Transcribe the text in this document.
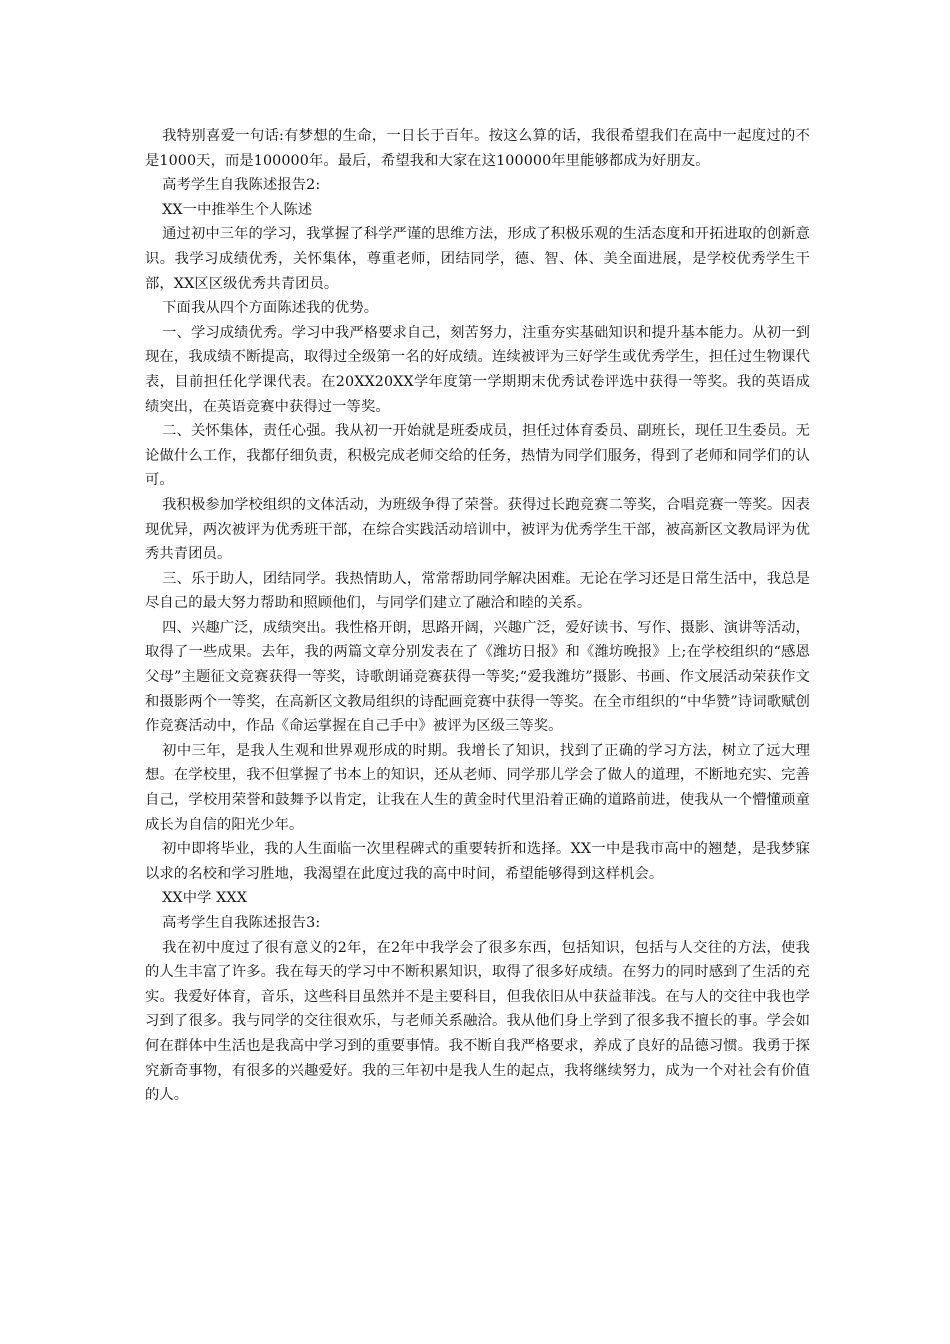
我特别喜爱一句话:有梦想的生命，一日长于百年。按这么算的话，我很希望我们在高中一起度过的不是1000天，而是100000年。最后，希望我和大家在这100000年里能够都成为好朋友。

高考学生自我陈述报告2:

XX一中推举生个人陈述

通过初中三年的学习，我掌握了科学严谨的思维方法，形成了积极乐观的生活态度和开拓进取的创新意识。我学习成绩优秀，关怀集体，尊重老师，团结同学，德、智、体、美全面进展，是学校优秀学生干部，XX区区级优秀共青团员。

下面我从四个方面陈述我的优势。

一、学习成绩优秀。学习中我严格要求自己，刻苦努力，注重夯实基础知识和提升基本能力。从初一到现在，我成绩不断提高，取得过全级第一名的好成绩。连续被评为三好学生或优秀学生，担任过生物课代表，目前担任化学课代表。在20XX20XX学年度第一学期期末优秀试卷评选中获得一等奖。我的英语成绩突出，在英语竞赛中获得过一等奖。

二、关怀集体，责任心强。我从初一开始就是班委成员，担任过体育委员、副班长，现任卫生委员。无论做什么工作，我都仔细负责，积极完成老师交给的任务，热情为同学们服务，得到了老师和同学们的认可。

我积极参加学校组织的文体活动，为班级争得了荣誉。获得过长跑竞赛二等奖，合唱竞赛一等奖。因表现优异，两次被评为优秀班干部，在综合实践活动培训中，被评为优秀学生干部，被高新区文教局评为优秀共青团员。

三、乐于助人，团结同学。我热情助人，常常帮助同学解决困难。无论在学习还是日常生活中，我总是尽自己的最大努力帮助和照顾他们，与同学们建立了融洽和睦的关系。

四、兴趣广泛，成绩突出。我性格开朗，思路开阔，兴趣广泛，爱好读书、写作、摄影、演讲等活动，取得了一些成果。去年，我的两篇文章分别发表在了《潍坊日报》和《潍坊晚报》上;在学校组织的“感恩父母”主题征文竞赛获得一等奖，诗歌朗诵竞赛获得一等奖;“爱我潍坊”摄影、书画、作文展活动荣获作文和摄影两个一等奖，在高新区文教局组织的诗配画竞赛中获得一等奖。在全市组织的“中华赞”诗词歌赋创作竞赛活动中，作品《命运掌握在自己手中》被评为区级三等奖。

初中三年，是我人生观和世界观形成的时期。我增长了知识，找到了正确的学习方法，树立了远大理想。在学校里，我不但掌握了书本上的知识，还从老师、同学那儿学会了做人的道理，不断地充实、完善自己，学校用荣誉和鼓舞予以肯定，让我在人生的黄金时代里沿着正确的道路前进，使我从一个懵懂顽童成长为自信的阳光少年。

初中即将毕业，我的人生面临一次里程碑式的重要转折和选择。XX一中是我市高中的翘楚，是我梦寐以求的名校和学习胜地，我渴望在此度过我的高中时间，希望能够得到这样机会。

XX中学 XXX

高考学生自我陈述报告3:

我在初中度过了很有意义的2年，在2年中我学会了很多东西，包括知识，包括与人交往的方法，使我的人生丰富了许多。我在每天的学习中不断积累知识，取得了很多好成绩。在努力的同时感到了生活的充实。我爱好体育，音乐，这些科目虽然并不是主要科目，但我依旧从中获益菲浅。在与人的交往中我也学习到了很多。我与同学的交往很欢乐，与老师关系融洽。我从他们身上学到了很多我不擅长的事。学会如何在群体中生活也是我高中学习到的重要事情。我不断自我严格要求，养成了良好的品德习惯。我勇于探究新奇事物，有很多的兴趣爱好。我的三年初中是我人生的起点，我将继续努力，成为一个对社会有价值的人。
